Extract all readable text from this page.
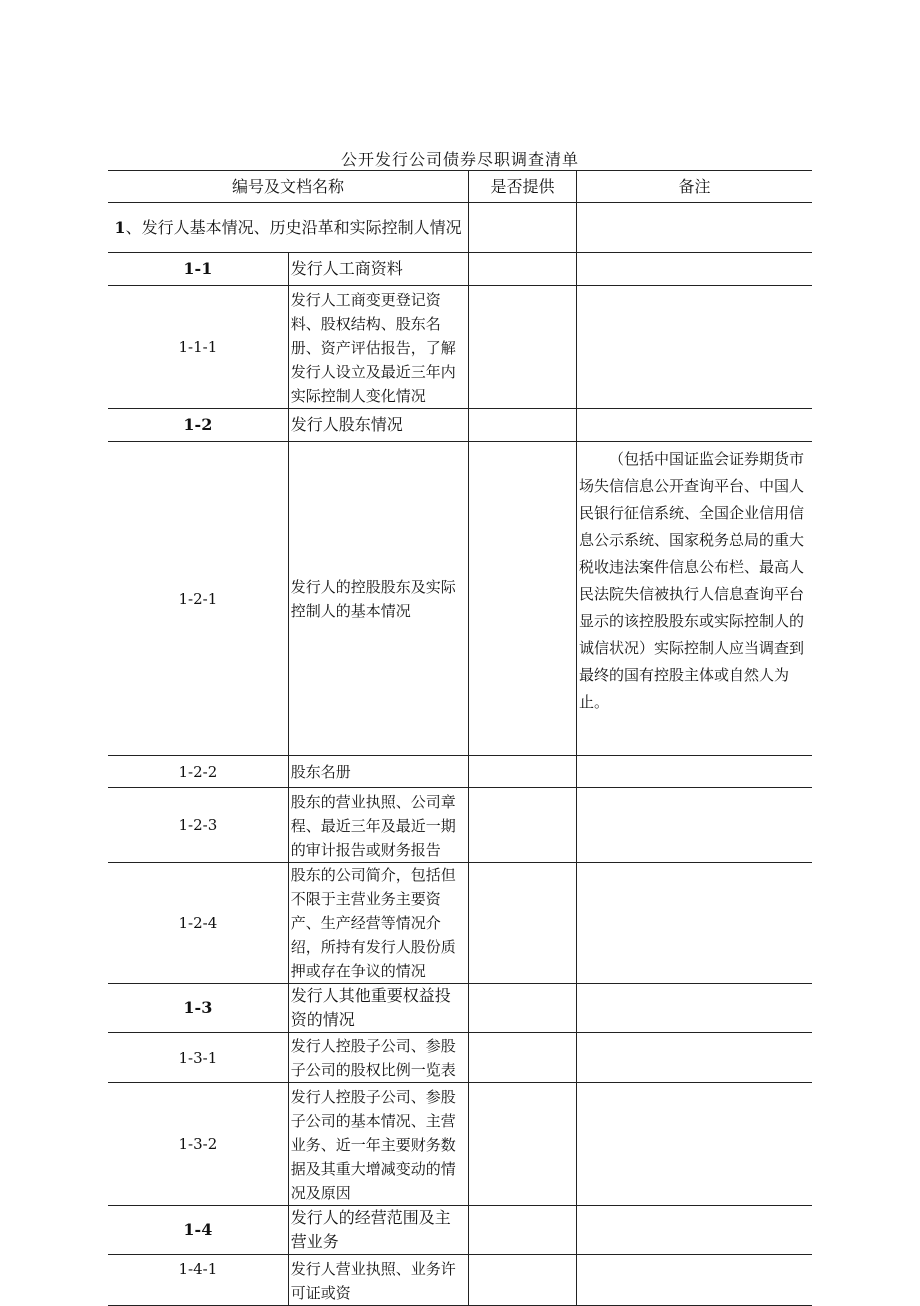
公开发行公司债券尽职调查清单
编号及文档名称		是否提供	备注
1、发行人基本情况、历史沿革和实际控制人情况			
1-1	发行人工商资料		
1-1-1	发行人工商变更登记资料、股权结构、股东名册、资产评估报告，了解发行人设立及最近三年内实际控制人变化情况		
1-2	发行人股东情况		
1-2-1	发行人的控股股东及实际控制人的基本情况		（包括中国证监会证券期货市场失信信息公开查询平台、中国人民银行征信系统、全国企业信用信息公示系统、国家税务总局的重大税收违法案件信息公布栏、最高人民法院失信被执行人信息查询平台显示的该控股股东或实际控制人的诚信状况）实际控制人应当调查到最终的国有控股主体或自然人为止。
1-2-2	股东名册		
1-2-3	股东的营业执照、公司章程、最近三年及最近一期的审计报告或财务报告		
1-2-4	股东的公司简介，包括但不限于主营业务主要资产、生产经营等情况介绍，所持有发行人股份质押或存在争议的情况		
1-3	发行人其他重要权益投资的情况		
1-3-1	发行人控股子公司、参股子公司的股权比例一览表		
1-3-2	发行人控股子公司、参股子公司的基本情况、主营业务、近一年主要财务数据及其重大增减变动的情况及原因		
1-4	发行人的经营范围及主营业务		
1-4-1	发行人营业执照、业务许可证或资		
